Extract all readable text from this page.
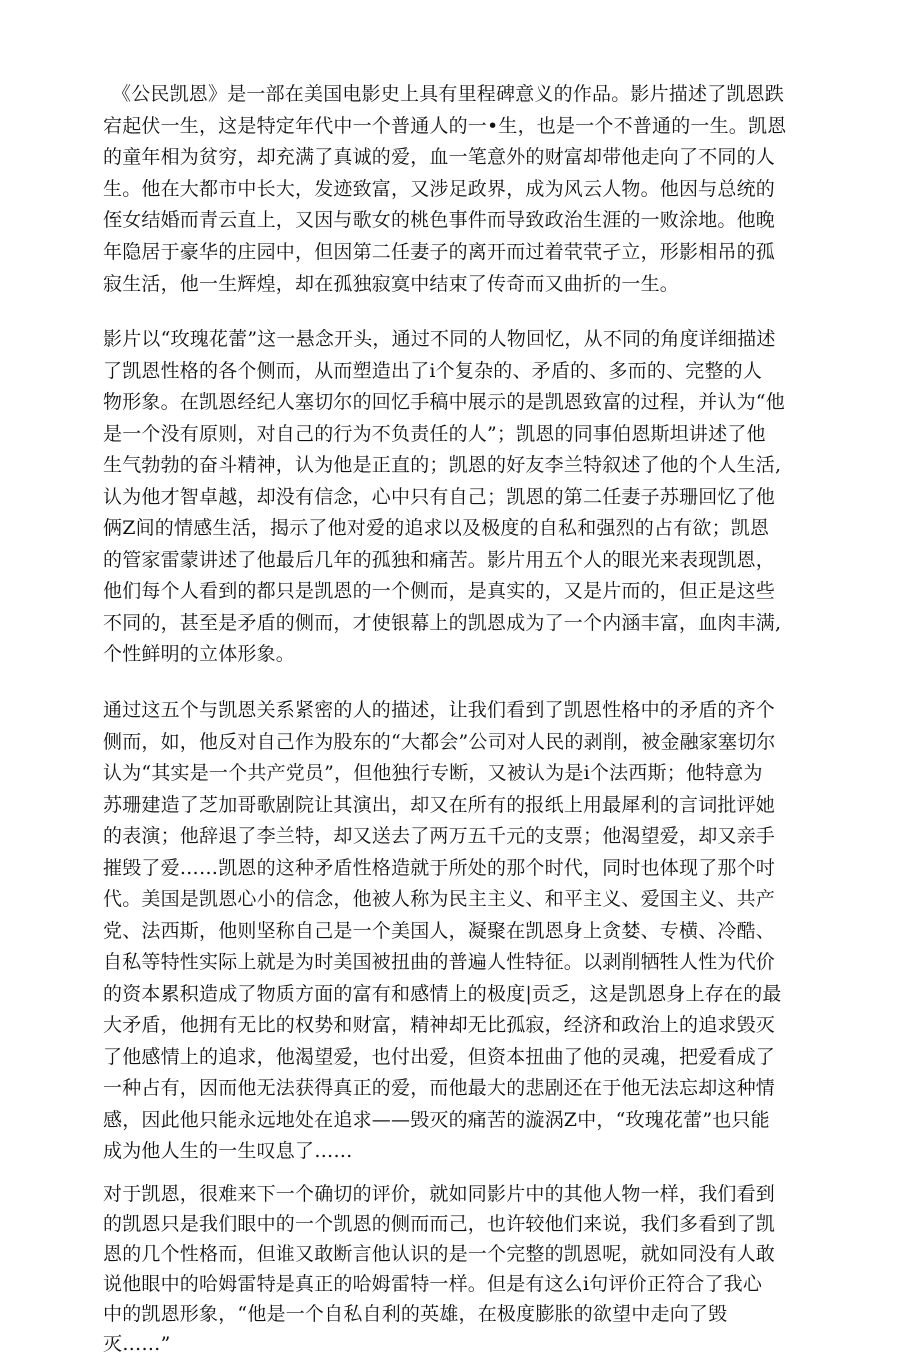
《公民凯恩》是一部在美国电影史上具有里程碑意义的作品。影片描述了凯恩跌
宕起伏一生，这是特定年代中一个普通人的一•生，也是一个不普通的一生。凯恩
的童年相为贫穷，却充满了真诚的爱，血一笔意外的财富却带他走向了不同的人
生。他在大都市中长大，发迹致富，又涉足政界，成为风云人物。他因与总统的
侄女结婚而青云直上，又因与歌女的桃色事件而导致政治生涯的一败涂地。他晚
年隐居于豪华的庄园中，但因第二任妻子的离开而过着茕茕孑立，形影相吊的孤
寂生活，他一生辉煌，却在孤独寂寞中结束了传奇而又曲折的一生。
影片以“玫瑰花蕾”这一悬念开头，通过不同的人物回忆，从不同的角度详细描述
了凯恩性格的各个侧而，从而塑造出了i个复杂的、矛盾的、多而的、完整的人
物形象。在凯恩经纪人塞切尔的回忆手稿中展示的是凯恩致富的过程，并认为“他
是一个没有原则，对自己的行为不负责任的人”；凯恩的同事伯恩斯坦讲述了他
生气勃勃的奋斗精神，认为他是正直的；凯恩的好友李兰特叙述了他的个人生活,
认为他才智卓越，却没有信念，心中只有自己；凯恩的第二任妻子苏珊回忆了他
俩Z间的情感生活，揭示了他对爱的追求以及极度的自私和强烈的占有欲；凯恩
的管家雷蒙讲述了他最后几年的孤独和痛苦。影片用五个人的眼光来表现凯恩，
他们每个人看到的都只是凯恩的一个侧而，是真实的，又是片而的，但正是这些
不同的，甚至是矛盾的侧而，才使银幕上的凯恩成为了一个内涵丰富，血肉丰满,
个性鲜明的立体形象。
通过这五个与凯恩关系紧密的人的描述，让我们看到了凯恩性格中的矛盾的齐个
侧而，如，他反对自己作为股东的“大都会”公司对人民的剥削，被金融家塞切尔
认为“其实是一个共产党员”，但他独行专断，又被认为是i个法西斯；他特意为
苏珊建造了芝加哥歌剧院让其演出，却又在所有的报纸上用最犀利的言词批评她
的表演；他辞退了李兰特，却又送去了两万五千元的支票；他渴望爱，却又亲手
摧毁了爱……凯恩的这种矛盾性格造就于所处的那个时代，同时也体现了那个吋
代。美国是凯恩心小的信念，他被人称为民主主义、和平主义、爱国主义、共产
党、法西斯，他则坚称自己是一个美国人，凝聚在凯恩身上贪婪、专横、冷酷、
自私等特性实际上就是为时美国被扭曲的普遍人性特征。以剥削牺牲人性为代价
的资本累积造成了物质方面的富有和感情上的极度|贡乏，这是凯恩身上存在的最
大矛盾，他拥有无比的权势和财富，精神却无比孤寂，经济和政治上的追求毁灭
了他感情上的追求，他渴望爱，也付出爱，但资本扭曲了他的灵魂，把爱看成了
一种占有，因而他无法获得真正的爱，而他最大的悲剧还在于他无法忘却这种情
感，因此他只能永远地处在追求——毁灭的痛苦的漩涡Z中，“玫瑰花蕾”也只能
成为他人生的一生叹息了……
对于凯恩，很难来下一个确切的评价，就如同影片中的其他人物一样，我们看到
的凯恩只是我们眼中的一个凯恩的侧而而己，也许较他们来说，我们多看到了凯
恩的几个性格而，但谁又敢断言他认识的是一个完整的凯恩呢，就如同没有人敢
说他眼中的哈姆雷特是真正的哈姆雷特一样。但是有这么i句评价正符合了我心
中的凯恩形象，“他是一个自私自利的英雄，在极度膨胀的欲望中走向了毁
灭……”
